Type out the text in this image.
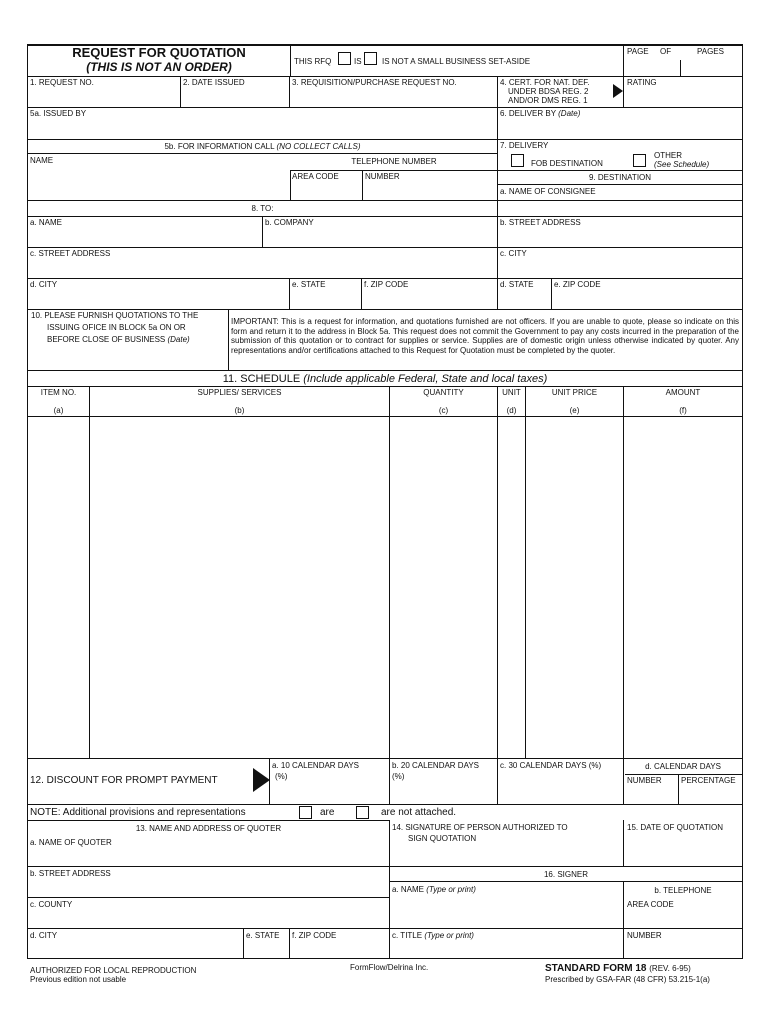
REQUEST FOR QUOTATION
(THIS IS NOT AN ORDER)	THIS RFQ	IS	IS NOT A SMALL BUSINESS SET-ASIDE
PAGE OF	PAGES
1. REQUEST NO.	2. DATE ISSUED	3. REQUISITION/PURCHASE REQUEST NO.	4. CERT. FOR NAT. DEF.
UNDER BDSA REG. 2
AND/OR DMS REG. 1
RATING
5a. ISSUED BY	6. DELIVER BY (Date)
5b. FOR INFORMATION CALL (NO COLLECT CALLS)
NAME	TELEPHONE NUMBER
AREA CODE	NUMBER
7. DELIVERY
FOB DESTINATION
OTHER
(See Schedule)
9. DESTINATION
a. NAME OF CONSIGNEE
b. STREET ADDRESS
c. CITY
d. STATE	e. ZIP CODE
8. TO:
a. NAME	b. COMPANY
c. STREET ADDRESS
d. CITY	e. STATE	f. ZIP CODE
10. PLEASE FURNISH QUOTATIONS TO THE
ISSUING OFICE IN BLOCK 5a ON OR
BEFORE CLOSE OF BUSINESS (Date)
IMPORTANT: This is a request for information, and quotations furnished are not officers. If you are unable to quote, please so indicate on this form and return it to the address in Block 5a. This request does not commit the Government to pay any costs incurred in the preparation of the submission of this quotation or to contract for supplies or service. Supplies are of domestic origin unless otherwise indicated by quoter. Any representations and/or certifications attached to this Request for Quotation must be completed by the quoter.
11. SCHEDULE (Include applicable Federal, State and local taxes)
ITEM NO.	SUPPLIES/ SERVICES	QUANTITY	UNIT	UNIT PRICE	AMOUNT
(a)	(b)	(c)	(d)	(e)	(f)
12. DISCOUNT FOR PROMPT PAYMENT
a. 10 CALENDAR DAYS
(%)
b. 20 CALENDAR DAYS
(%)
c. 30 CALENDAR DAYS (%)	d. CALENDAR DAYS
NUMBER PERCENTAGE
NOTE: Additional provisions and representations	are	are not attached.
13. NAME AND ADDRESS OF QUOTER
a. NAME OF QUOTER
b. STREET ADDRESS
c. COUNTY
d. CITY	e. STATE f. ZIP CODE
14. SIGNATURE OF PERSON AUTHORIZED TO
SIGN QUOTATION
15. DATE OF QUOTATION
16. SIGNER
a. NAME (Type or print)	b. TELEPHONE
AREA CODE
c. TITLE (Type or print)	NUMBER
AUTHORIZED FOR LOCAL REPRODUCTION
Previous edition not usable
FormFlow/Delrina Inc.	STANDARD FORM 18 (REV. 6-95)
Prescribed by GSA-FAR (48 CFR) 53.215-1(a)
